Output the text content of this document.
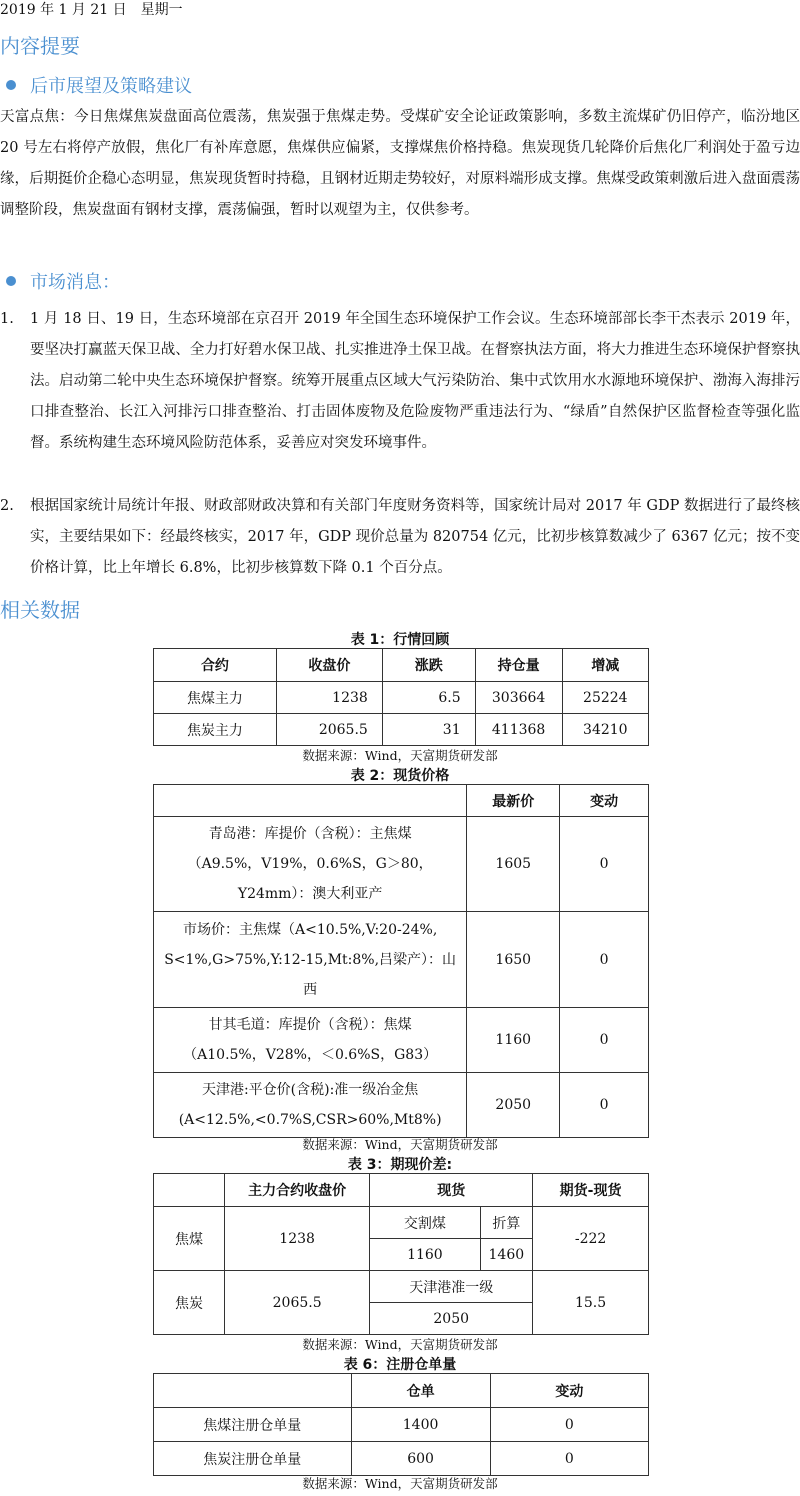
2019 年 1 月 21 日　星期一
内容提要
后市展望及策略建议
天富点焦：今日焦煤焦炭盘面高位震荡，焦炭强于焦煤走势。受煤矿安全论证政策影响，多数主流煤矿仍旧停产，临汾地区 20 号左右将停产放假，焦化厂有补库意愿，焦煤供应偏紧，支撑煤焦价格持稳。焦炭现货几轮降价后焦化厂利润处于盈亏边缘，后期挺价企稳心态明显，焦炭现货暂时持稳，且钢材近期走势较好，对原料端形成支撑。焦煤受政策刺激后进入盘面震荡调整阶段，焦炭盘面有钢材支撑，震荡偏强，暂时以观望为主，仅供参考。
市场消息：
1. 1 月 18 日、19 日，生态环境部在京召开 2019 年全国生态环境保护工作会议。生态环境部部长李干杰表示 2019 年，要坚决打赢蓝天保卫战、全力打好碧水保卫战、扎实推进净土保卫战。在督察执法方面，将大力推进生态环境保护督察执法。启动第二轮中央生态环境保护督察。统筹开展重点区域大气污染防治、集中式饮用水水源地环境保护、渤海入海排污口排查整治、长江入河排污口排查整治、打击固体废物及危险废物严重违法行为、“绿盾”自然保护区监督检查等强化监督。系统构建生态环境风险防范体系，妥善应对突发环境事件。
2. 根据国家统计局统计年报、财政部财政决算和有关部门年度财务资料等，国家统计局对 2017 年 GDP 数据进行了最终核实，主要结果如下：经最终核实，2017 年，GDP 现价总量为 820754 亿元，比初步核算数减少了 6367 亿元；按不变价格计算，比上年增长 6.8%，比初步核算数下降 0.1 个百分点。
相关数据
表 1：行情回顾
合约	收盘价	涨跌	持仓量	增减
焦煤主力	1238	6.5	303664	25224
焦炭主力	2065.5	31	411368	34210
数据来源：Wind，天富期货研发部
表 2：现货价格
	最新价	变动

青岛港：库提价（含税）：主焦煤
（A9.5%，V19%，0.6%S，G＞80，
Y24mm）：澳大利亚产	1605	0

市场价：主焦煤（A<10.5%,V:20-24%,
S<1%,G>75%,Y:12-15,Mt:8%,吕梁产）：山
西	1650	0

甘其毛道：库提价（含税）：焦煤
（A10.5%，V28%，＜0.6%S，G83）	1160	0

天津港:平仓价(含税):准一级冶金焦
(A<12.5%,<0.7%S,CSR>60%,Mt8%)	2050	0
数据来源：Wind，天富期货研发部
表 3：期现价差:
	主力合约收盘价	现货		期货-现货
焦煤	1238	交割煤	折算	-222
		1160	1460	
焦炭	2065.5	天津港准一级		15.5
		2050		
数据来源：Wind，天富期货研发部
表 6：注册仓单量
	仓单	变动
焦煤注册仓单量	1400	0
焦炭注册仓单量	600	0
数据来源：Wind，天富期货研发部
